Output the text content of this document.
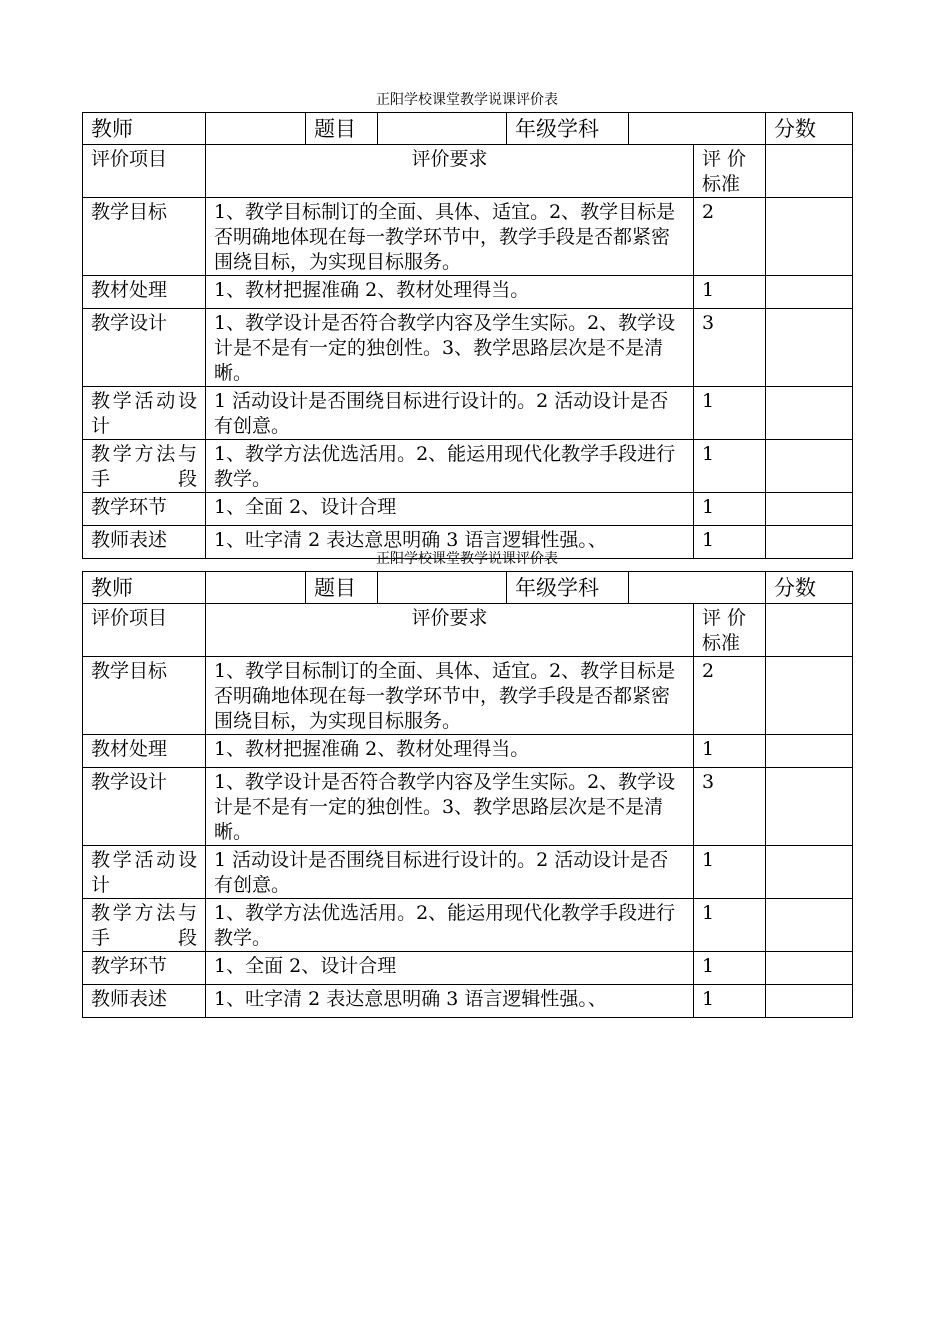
正阳学校课堂教学说课评价表
教师		题目		年级学科			分数
评价项目	评价要求					评 价标准	
教学目标	1、教学目标制订的全面、具体、适宜。2、教学目标是否明确地体现在每一教学环节中，教学手段是否都紧密围绕目标，为实现目标服务。					2	
教材处理	1、教材把握准确 2、教材处理得当。					1	
教学设计	1、教学设计是否符合教学内容及学生实际。2、教学设计是不是有一定的独创性。3、教学思路层次是不是清晰。					3	
教学活动设计	1 活动设计是否围绕目标进行设计的。2 活动设计是否有创意。					1	
教学方法与手段	1、教学方法优选活用。2、能运用现代化教学手段进行教学。					1	
教学环节	1、全面 2、设计合理					1	
教师表述	1、吐字清 2 表达意思明确 3 语言逻辑性强。、					1	
正阳学校课堂教学说课评价表
教师		题目		年级学科			分数
评价项目	评价要求					评 价标准	
教学目标	1、教学目标制订的全面、具体、适宜。2、教学目标是否明确地体现在每一教学环节中，教学手段是否都紧密围绕目标，为实现目标服务。					2	
教材处理	1、教材把握准确 2、教材处理得当。					1	
教学设计	1、教学设计是否符合教学内容及学生实际。2、教学设计是不是有一定的独创性。3、教学思路层次是不是清晰。					3	
教学活动设计	1 活动设计是否围绕目标进行设计的。2 活动设计是否有创意。					1	
教学方法与手段	1、教学方法优选活用。2、能运用现代化教学手段进行教学。					1	
教学环节	1、全面 2、设计合理					1	
教师表述	1、吐字清 2 表达意思明确 3 语言逻辑性强。、					1	
